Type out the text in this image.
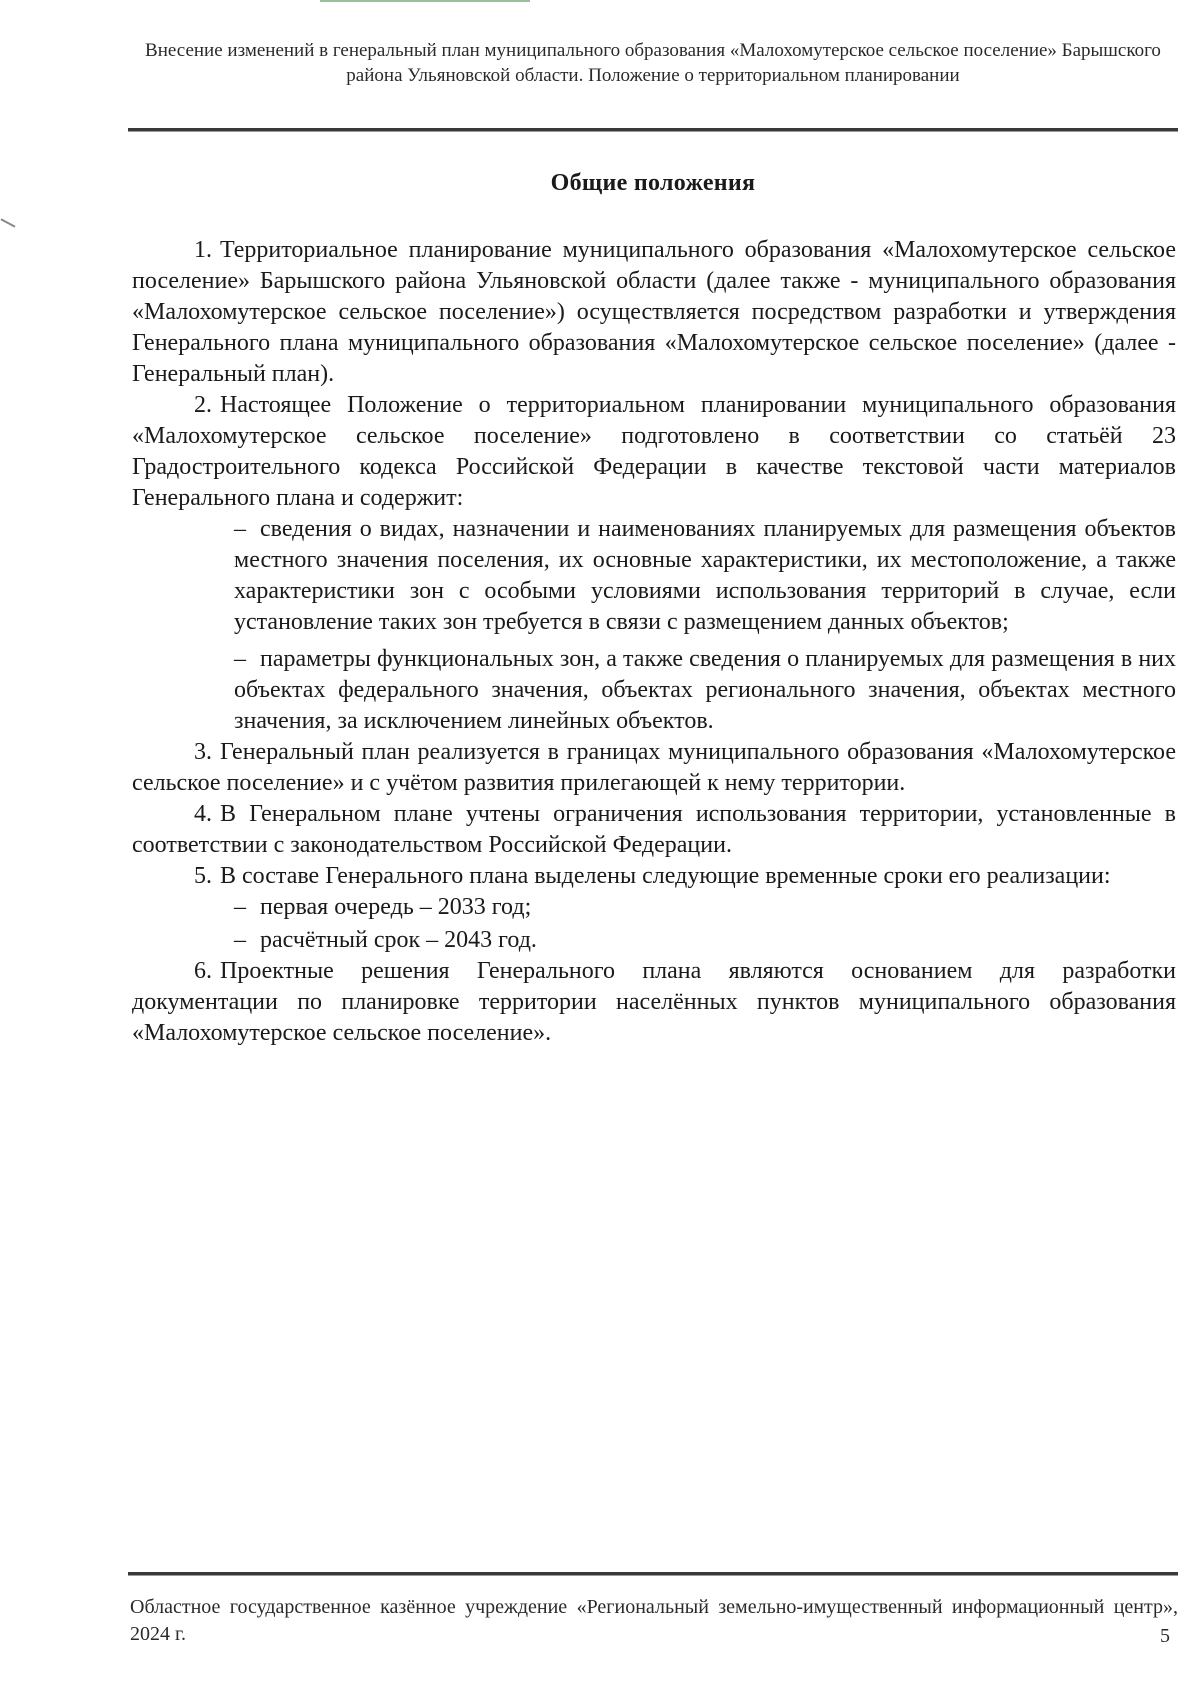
Внесение изменений в генеральный план муниципального образования «Малохомутерское сельское поселение» Барышского района Ульяновской области. Положение о территориальном планировании
Общие положения

1. Территориальное планирование муниципального образования «Малохомутерское сельское поселение» Барышского района Ульяновской области (далее также - муниципального образования «Малохомутерское сельское поселение») осуществляется посредством разработки и утверждения Генерального плана муниципального образования «Малохомутерское сельское поселение» (далее - Генеральный план).

2. Настоящее Положение о территориальном планировании муниципального образования «Малохомутерское сельское поселение» подготовлено в соответствии со статьёй 23 Градостроительного кодекса Российской Федерации в качестве текстовой части материалов Генерального плана и содержит:

– сведения о видах, назначении и наименованиях планируемых для размещения объектов местного значения поселения, их основные характеристики, их местоположение, а также характеристики зон с особыми условиями использования территорий в случае, если установление таких зон требуется в связи с размещением данных объектов;

– параметры функциональных зон, а также сведения о планируемых для размещения в них объектах федерального значения, объектах регионального значения, объектах местного значения, за исключением линейных объектов.

3. Генеральный план реализуется в границах муниципального образования «Малохомутерское сельское поселение» и с учётом развития прилегающей к нему территории.

4. В Генеральном плане учтены ограничения использования территории, установленные в соответствии с законодательством Российской Федерации.

5. В составе Генерального плана выделены следующие временные сроки его реализации:

– первая очередь – 2033 год;

– расчётный срок – 2043 год.

6. Проектные решения Генерального плана являются основанием для разработки документации по планировке территории населённых пунктов муниципального образования «Малохомутерское сельское поселение».

Областное государственное казённое учреждение «Региональный земельно-имущественный информационный центр», 2024 г.	5
